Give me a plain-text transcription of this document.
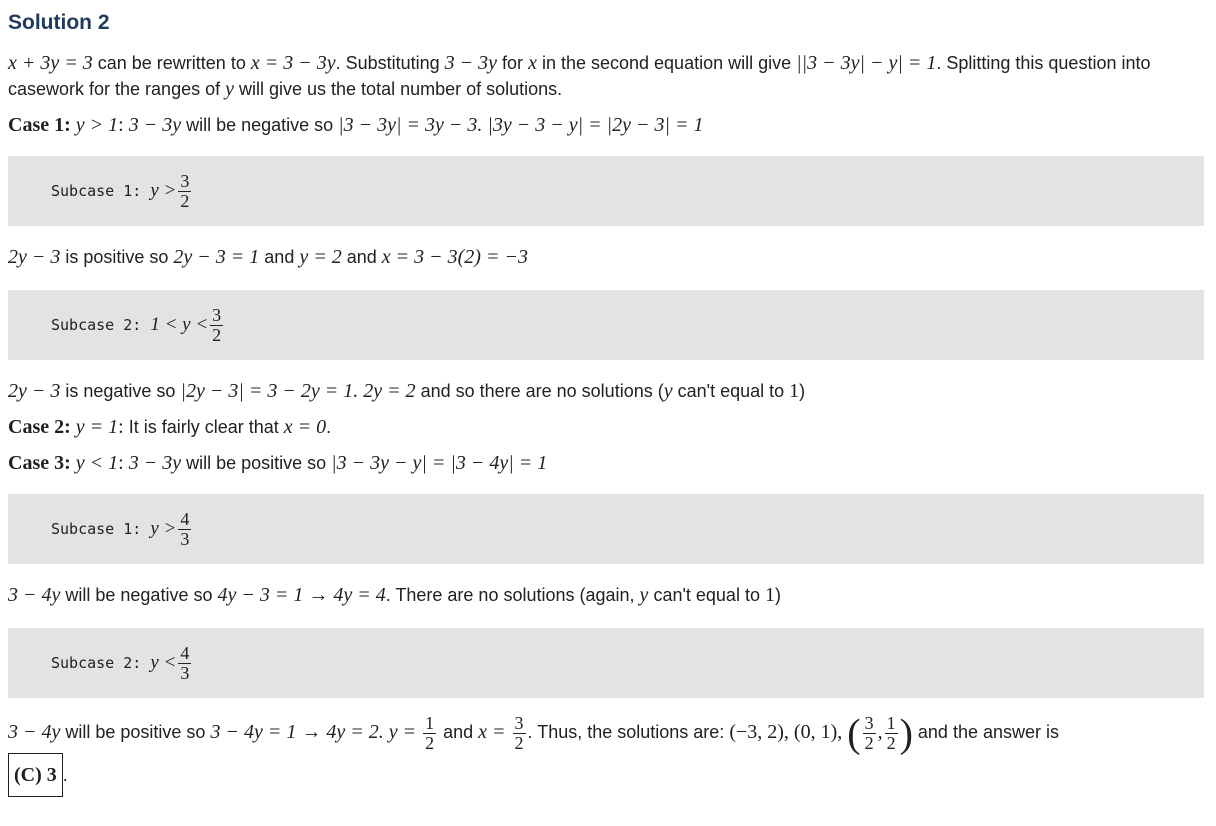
Solution 2

x + 3y = 3 can be rewritten to x = 3 − 3y. Substituting 3 − 3y for x in the second equation will give ||3 − 3y| − y| = 1. Splitting this question into casework for the ranges of y will give us the total number of solutions.

Case 1: y > 1: 3 − 3y will be negative so |3 − 3y| = 3y − 3. |3y − 3 − y| = |2y − 3| = 1

Subcase 1:
$y > \frac{3}{2}$

2y − 3 is positive so 2y − 3 = 1 and y = 2 and x = 3 − 3(2) = −3

Subcase 2:
$1 < y < \frac{3}{2}$

2y − 3 is negative so |2y − 3| = 3 − 2y = 1. 2y = 2 and so there are no solutions (y can't equal to 1)

Case 2: y = 1: It is fairly clear that x = 0.

Case 3: y < 1: 3 − 3y will be positive so |3 − 3y − y| = |3 − 4y| = 1

Subcase 1:
$y > \frac{4}{3}$

3 − 4y will be negative so 4y − 3 = 1 → 4y = 4. There are no solutions (again, y can't equal to 1)

Subcase 2:
$y < \frac{4}{3}$

3 − 4y will be positive so 3 − 4y = 1 → 4y = 2. $y = \frac{1}{2}$ and $x = \frac{3}{2}$ . Thus, the solutions are: (−3, 2), (0, 1), ( $\frac{3}{2}$ , $\frac{1}{2}$ ) and the answer is
(C) 3 .
